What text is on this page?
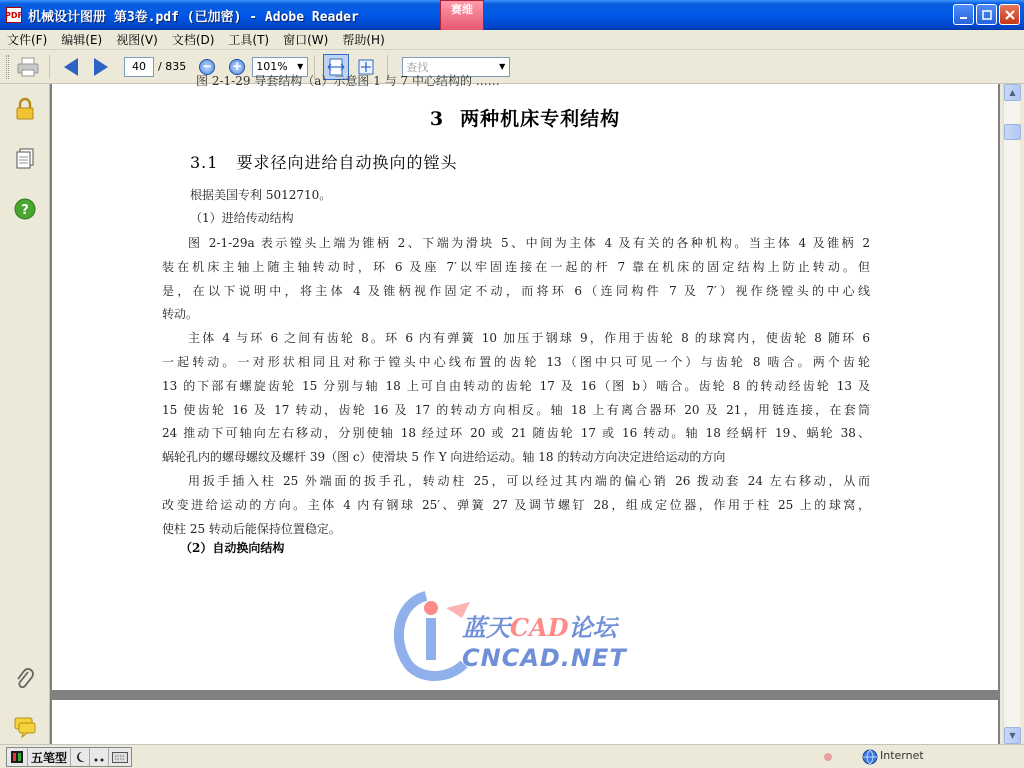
PDF 机械设计图册 第3卷.pdf (已加密) - Adobe Reader	赛维
文件(F)	编辑(E)	视图(V)	文档(D)	工具(T)	窗口(W)	帮助(H)
40
/ 835 − + 101%	▼	查找	▼
?
图 2-1-29 导套结构（a）示意图 1 与 7 中心结构的 ……
3 两种机床专利结构
3.1 要求径向进给自动换向的镗头
根据美国专利 5012710。
（1）进给传动结构

图 2-1-29a 表示镗头上端为锥柄 2、下端为滑块 5、中间为主体 4 及有关的各种机构。当主体 4 及锥柄 2

装在机床主轴上随主轴转动时，环 6 及座 7′以牢固连接在一起的杆 7 靠在机床的固定结构上防止转动。但

是，在以下说明中，将主体 4 及锥柄视作固定不动，而将环 6（连同构件 7 及 7′）视作绕镗头的中心线

转动。

主体 4 与环 6 之间有齿轮 8。环 6 内有弹簧 10 加压于钢球 9，作用于齿轮 8 的球窝内，使齿轮 8 随环 6

一起转动。一对形状相同且对称于镗头中心线布置的齿轮 13（图中只可见一个）与齿轮 8 啮合。两个齿轮

13 的下部有螺旋齿轮 15 分别与轴 18 上可自由转动的齿轮 17 及 16（图 b）啮合。齿轮 8 的转动经齿轮 13 及

15 使齿轮 16 及 17 转动，齿轮 16 及 17 的转动方向相反。轴 18 上有离合器环 20 及 21，用链连接，在套筒

24 推动下可轴向左右移动，分别使轴 18 经过环 20 或 21 随齿轮 17 或 16 转动。轴 18 经蜗杆 19、蜗轮 38、

蜗轮孔内的螺母螺纹及螺杆 39（图 c）使滑块 5 作 Y 向进给运动。轴 18 的转动方向决定进给运动的方向

用扳手插入柱 25 外端面的扳手孔，转动柱 25，可以经过其内端的偏心销 26 拨动套 24 左右移动，从而

改变进给运动的方向。主体 4 内有钢球 25′、弹簧 27 及调节螺钉 28，组成定位器，作用于柱 25 上的球窝，

使柱 25 转动后能保持位置稳定。

（2）自动换向结构
蓝天CAD论坛
CNCAD.NET
▲
▼
五笔型	Internet
